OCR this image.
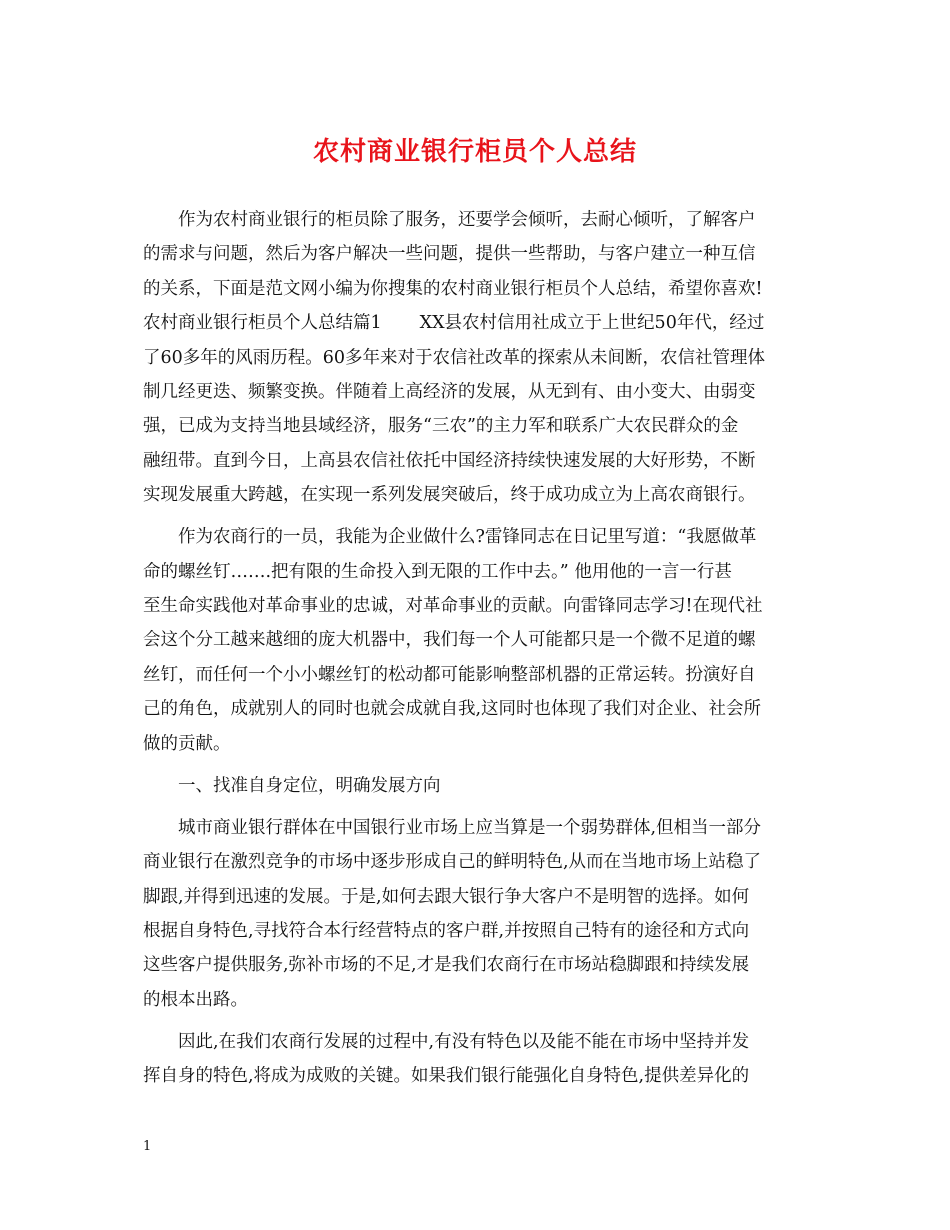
农村商业银行柜员个人总结

作为农村商业银行的柜员除了服务，还要学会倾听，去耐心倾听，了解客户
的需求与问题，然后为客户解决一些问题，提供一些帮助，与客户建立一种互信
的关系，下面是范文网小编为你搜集的农村商业银行柜员个人总结，希望你喜欢!
农村商业银行柜员个人总结篇1 XX县农村信用社成立于上世纪50年代，经过
了60多年的风雨历程。60多年来对于农信社改革的探索从未间断，农信社管理体
制几经更迭、频繁变换。伴随着上高经济的发展，从无到有、由小变大、由弱变
强，已成为支持当地县域经济，服务“三农”的主力军和联系广大农民群众的金
融纽带。直到今日，上高县农信社依托中国经济持续快速发展的大好形势，不断
实现发展重大跨越，在实现一系列发展突破后，终于成功成立为上高农商银行。

作为农商行的一员，我能为企业做什么?雷锋同志在日记里写道：“我愿做革
命的螺丝钉…….把有限的生命投入到无限的工作中去。” 他用他的一言一行甚
至生命实践他对革命事业的忠诚，对革命事业的贡献。向雷锋同志学习!在现代社
会这个分工越来越细的庞大机器中，我们每一个人可能都只是一个微不足道的螺
丝钉，而任何一个小小螺丝钉的松动都可能影响整部机器的正常运转。扮演好自
己的角色，成就别人的同时也就会成就自我,这同时也体现了我们对企业、社会所
做的贡献。

一、找准自身定位，明确发展方向

城市商业银行群体在中国银行业市场上应当算是一个弱势群体,但相当一部分
商业银行在激烈竞争的市场中逐步形成自己的鲜明特色,从而在当地市场上站稳了
脚跟,并得到迅速的发展。于是,如何去跟大银行争大客户不是明智的选择。如何
根据自身特色,寻找符合本行经营特点的客户群,并按照自己特有的途径和方式向
这些客户提供服务,弥补市场的不足,才是我们农商行在市场站稳脚跟和持续发展
的根本出路。

因此,在我们农商行发展的过程中,有没有特色以及能不能在市场中坚持并发
挥自身的特色,将成为成败的关键。如果我们银行能强化自身特色,提供差异化的

1
